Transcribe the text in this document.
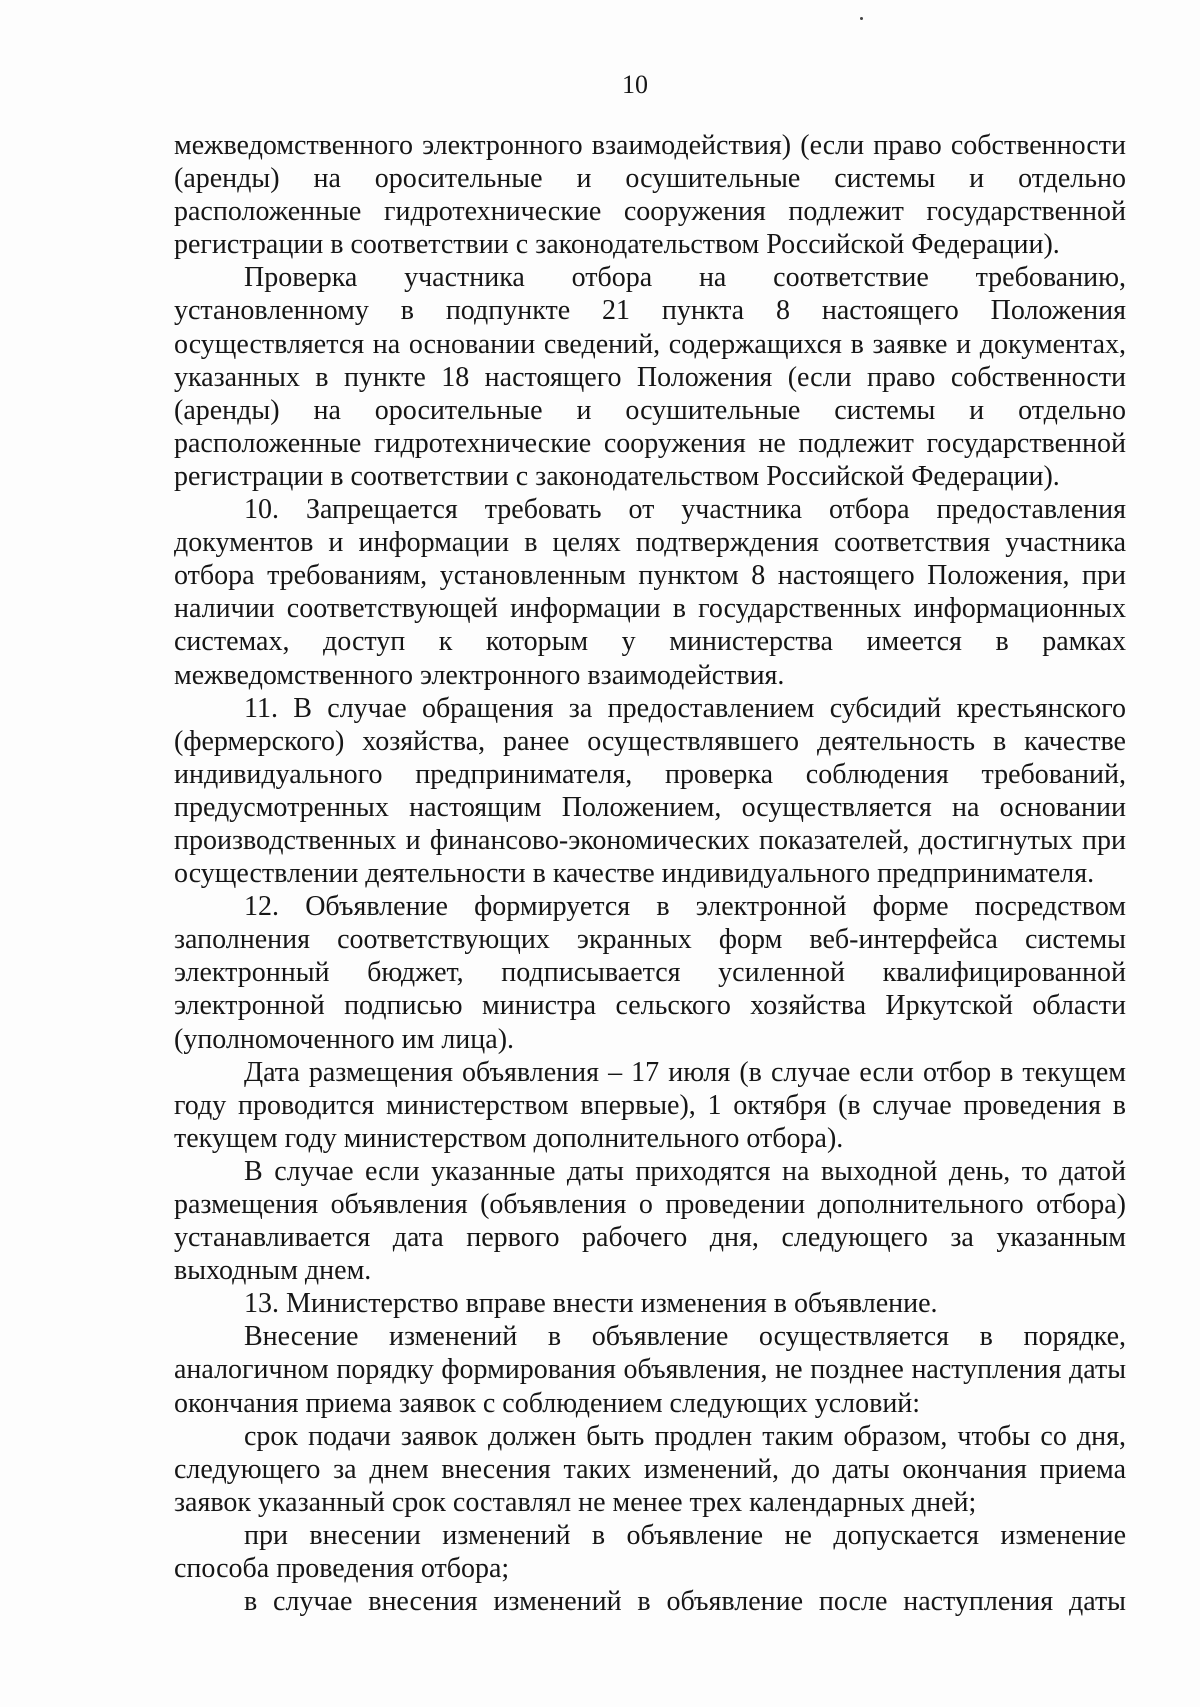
10

межведомственного электронного взаимодействия) (если право собственности (аренды) на оросительные и осушительные системы и отдельно расположенные гидротехнические сооружения подлежит государственной регистрации в соответствии с законодательством Российской Федерации).

Проверка участника отбора на соответствие требованию, установленному в подпункте 21 пункта 8 настоящего Положения осуществляется на основании сведений, содержащихся в заявке и документах, указанных в пункте 18 настоящего Положения (если право собственности (аренды) на оросительные и осушительные системы и отдельно расположенные гидротехнические сооружения не подлежит государственной регистрации в соответствии с законодательством Российской Федерации).

10. Запрещается требовать от участника отбора предоставления документов и информации в целях подтверждения соответствия участника отбора требованиям, установленным пунктом 8 настоящего Положения, при наличии соответствующей информации в государственных информационных системах, доступ к которым у министерства имеется в рамках межведомственного электронного взаимодействия.

11. В случае обращения за предоставлением субсидий крестьянского (фермерского) хозяйства, ранее осуществлявшего деятельность в качестве индивидуального предпринимателя, проверка соблюдения требований, предусмотренных настоящим Положением, осуществляется на основании производственных и финансово-экономических показателей, достигнутых при осуществлении деятельности в качестве индивидуального предпринимателя.

12. Объявление формируется в электронной форме посредством заполнения соответствующих экранных форм веб-интерфейса системы электронный бюджет, подписывается усиленной квалифицированной электронной подписью министра сельского хозяйства Иркутской области (уполномоченного им лица).

Дата размещения объявления – 17 июля (в случае если отбор в текущем году проводится министерством впервые), 1 октября (в случае проведения в текущем году министерством дополнительного отбора).

В случае если указанные даты приходятся на выходной день, то датой размещения объявления (объявления о проведении дополнительного отбора) устанавливается дата первого рабочего дня, следующего за указанным выходным днем.

13. Министерство вправе внести изменения в объявление.

Внесение изменений в объявление осуществляется в порядке, аналогичном порядку формирования объявления, не позднее наступления даты окончания приема заявок с соблюдением следующих условий:

срок подачи заявок должен быть продлен таким образом, чтобы со дня, следующего за днем внесения таких изменений, до даты окончания приема заявок указанный срок составлял не менее трех календарных дней;

при внесении изменений в объявление не допускается изменение способа проведения отбора;

в случае внесения изменений в объявление после наступления даты
